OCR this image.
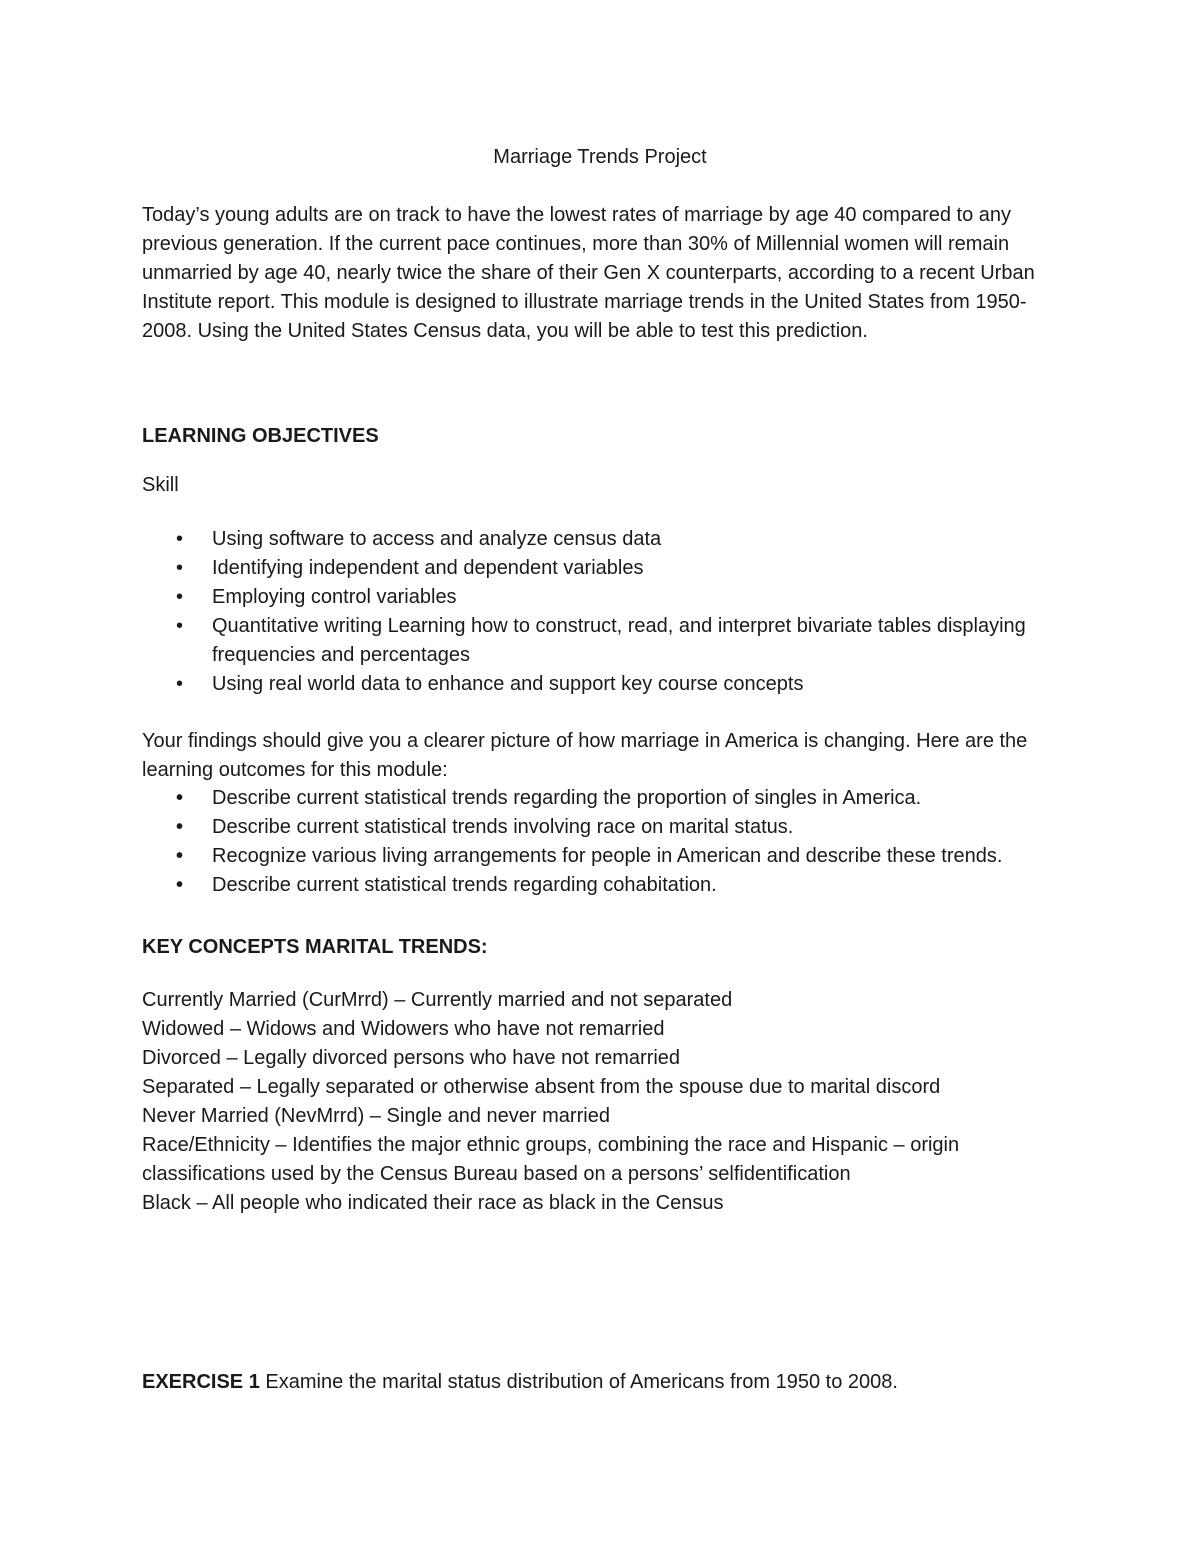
Marriage Trends Project

Today’s young adults are on track to have the lowest rates of marriage by age 40 compared to any previous generation. If the current pace continues, more than 30% of Millennial women will remain unmarried by age 40, nearly twice the share of their Gen X counterparts, according to a recent Urban Institute report. This module is designed to illustrate marriage trends in the United States from 1950-2008. Using the United States Census data, you will be able to test this prediction.

LEARNING OBJECTIVES
Skill
• Using software to access and analyze census data
• Identifying independent and dependent variables
• Employing control variables
• Quantitative writing Learning how to construct, read, and interpret bivariate tables displaying frequencies and percentages
• Using real world data to enhance and support key course concepts

Your findings should give you a clearer picture of how marriage in America is changing. Here are the learning outcomes for this module:

• Describe current statistical trends regarding the proportion of singles in America.
• Describe current statistical trends involving race on marital status.
• Recognize various living arrangements for people in American and describe these trends.
• Describe current statistical trends regarding cohabitation.
KEY CONCEPTS MARITAL TRENDS:

Currently Married (CurMrrd) – Currently married and not separated

Widowed – Widows and Widowers who have not remarried

Divorced – Legally divorced persons who have not remarried

Separated – Legally separated or otherwise absent from the spouse due to marital discord

Never Married (NevMrrd) – Single and never married

Race/Ethnicity – Identifies the major ethnic groups, combining the race and Hispanic – origin classifications used by the Census Bureau based on a persons’ selfidentification

Black – All people who indicated their race as black in the Census

EXERCISE 1 Examine the marital status distribution of Americans from 1950 to 2008.
